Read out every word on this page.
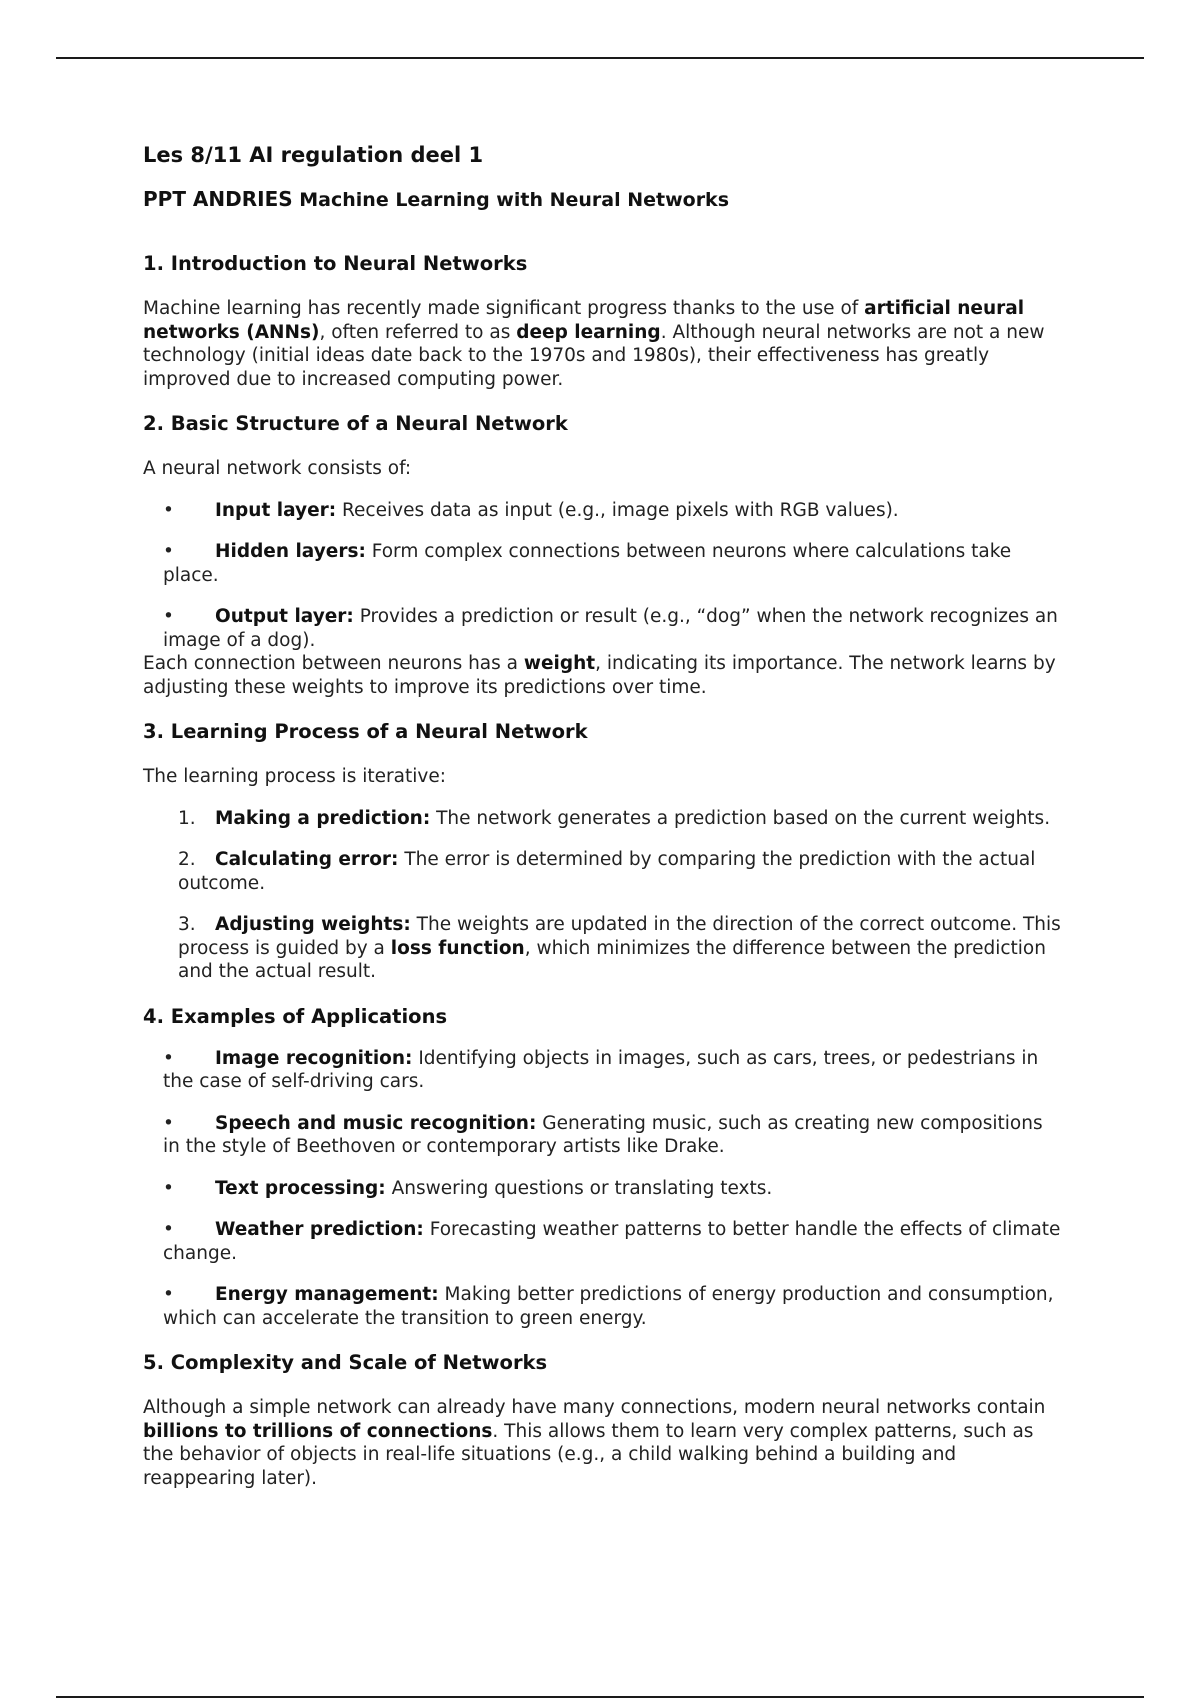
Les 8/11 AI regulation deel 1
PPT ANDRIES Machine Learning with Neural Networks
1. Introduction to Neural Networks

Machine learning has recently made significant progress thanks to the use of artificial neural networks (ANNs), often referred to as deep learning. Although neural networks are not a new technology (initial ideas date back to the 1970s and 1980s), their effectiveness has greatly improved due to increased computing power.

2. Basic Structure of a Neural Network

A neural network consists of:

• Input layer: Receives data as input (e.g., image pixels with RGB values).
• Hidden layers: Form complex connections between neurons where calculations take place.
• Output layer: Provides a prediction or result (e.g., “dog” when the network recognizes an image of a dog).

Each connection between neurons has a weight, indicating its importance. The network learns by adjusting these weights to improve its predictions over time.

3. Learning Process of a Neural Network

The learning process is iterative:

1. Making a prediction: The network generates a prediction based on the current weights.
2. Calculating error: The error is determined by comparing the prediction with the actual outcome.
3. Adjusting weights: The weights are updated in the direction of the correct outcome. This process is guided by a loss function, which minimizes the difference between the prediction and the actual result.
4. Examples of Applications
• Image recognition: Identifying objects in images, such as cars, trees, or pedestrians in the case of self-driving cars.
• Speech and music recognition: Generating music, such as creating new compositions in the style of Beethoven or contemporary artists like Drake.
• Text processing: Answering questions or translating texts.
• Weather prediction: Forecasting weather patterns to better handle the effects of climate change.
• Energy management: Making better predictions of energy production and consumption, which can accelerate the transition to green energy.
5. Complexity and Scale of Networks

Although a simple network can already have many connections, modern neural networks contain billions to trillions of connections. This allows them to learn very complex patterns, such as the behavior of objects in real-life situations (e.g., a child walking behind a building and reappearing later).
